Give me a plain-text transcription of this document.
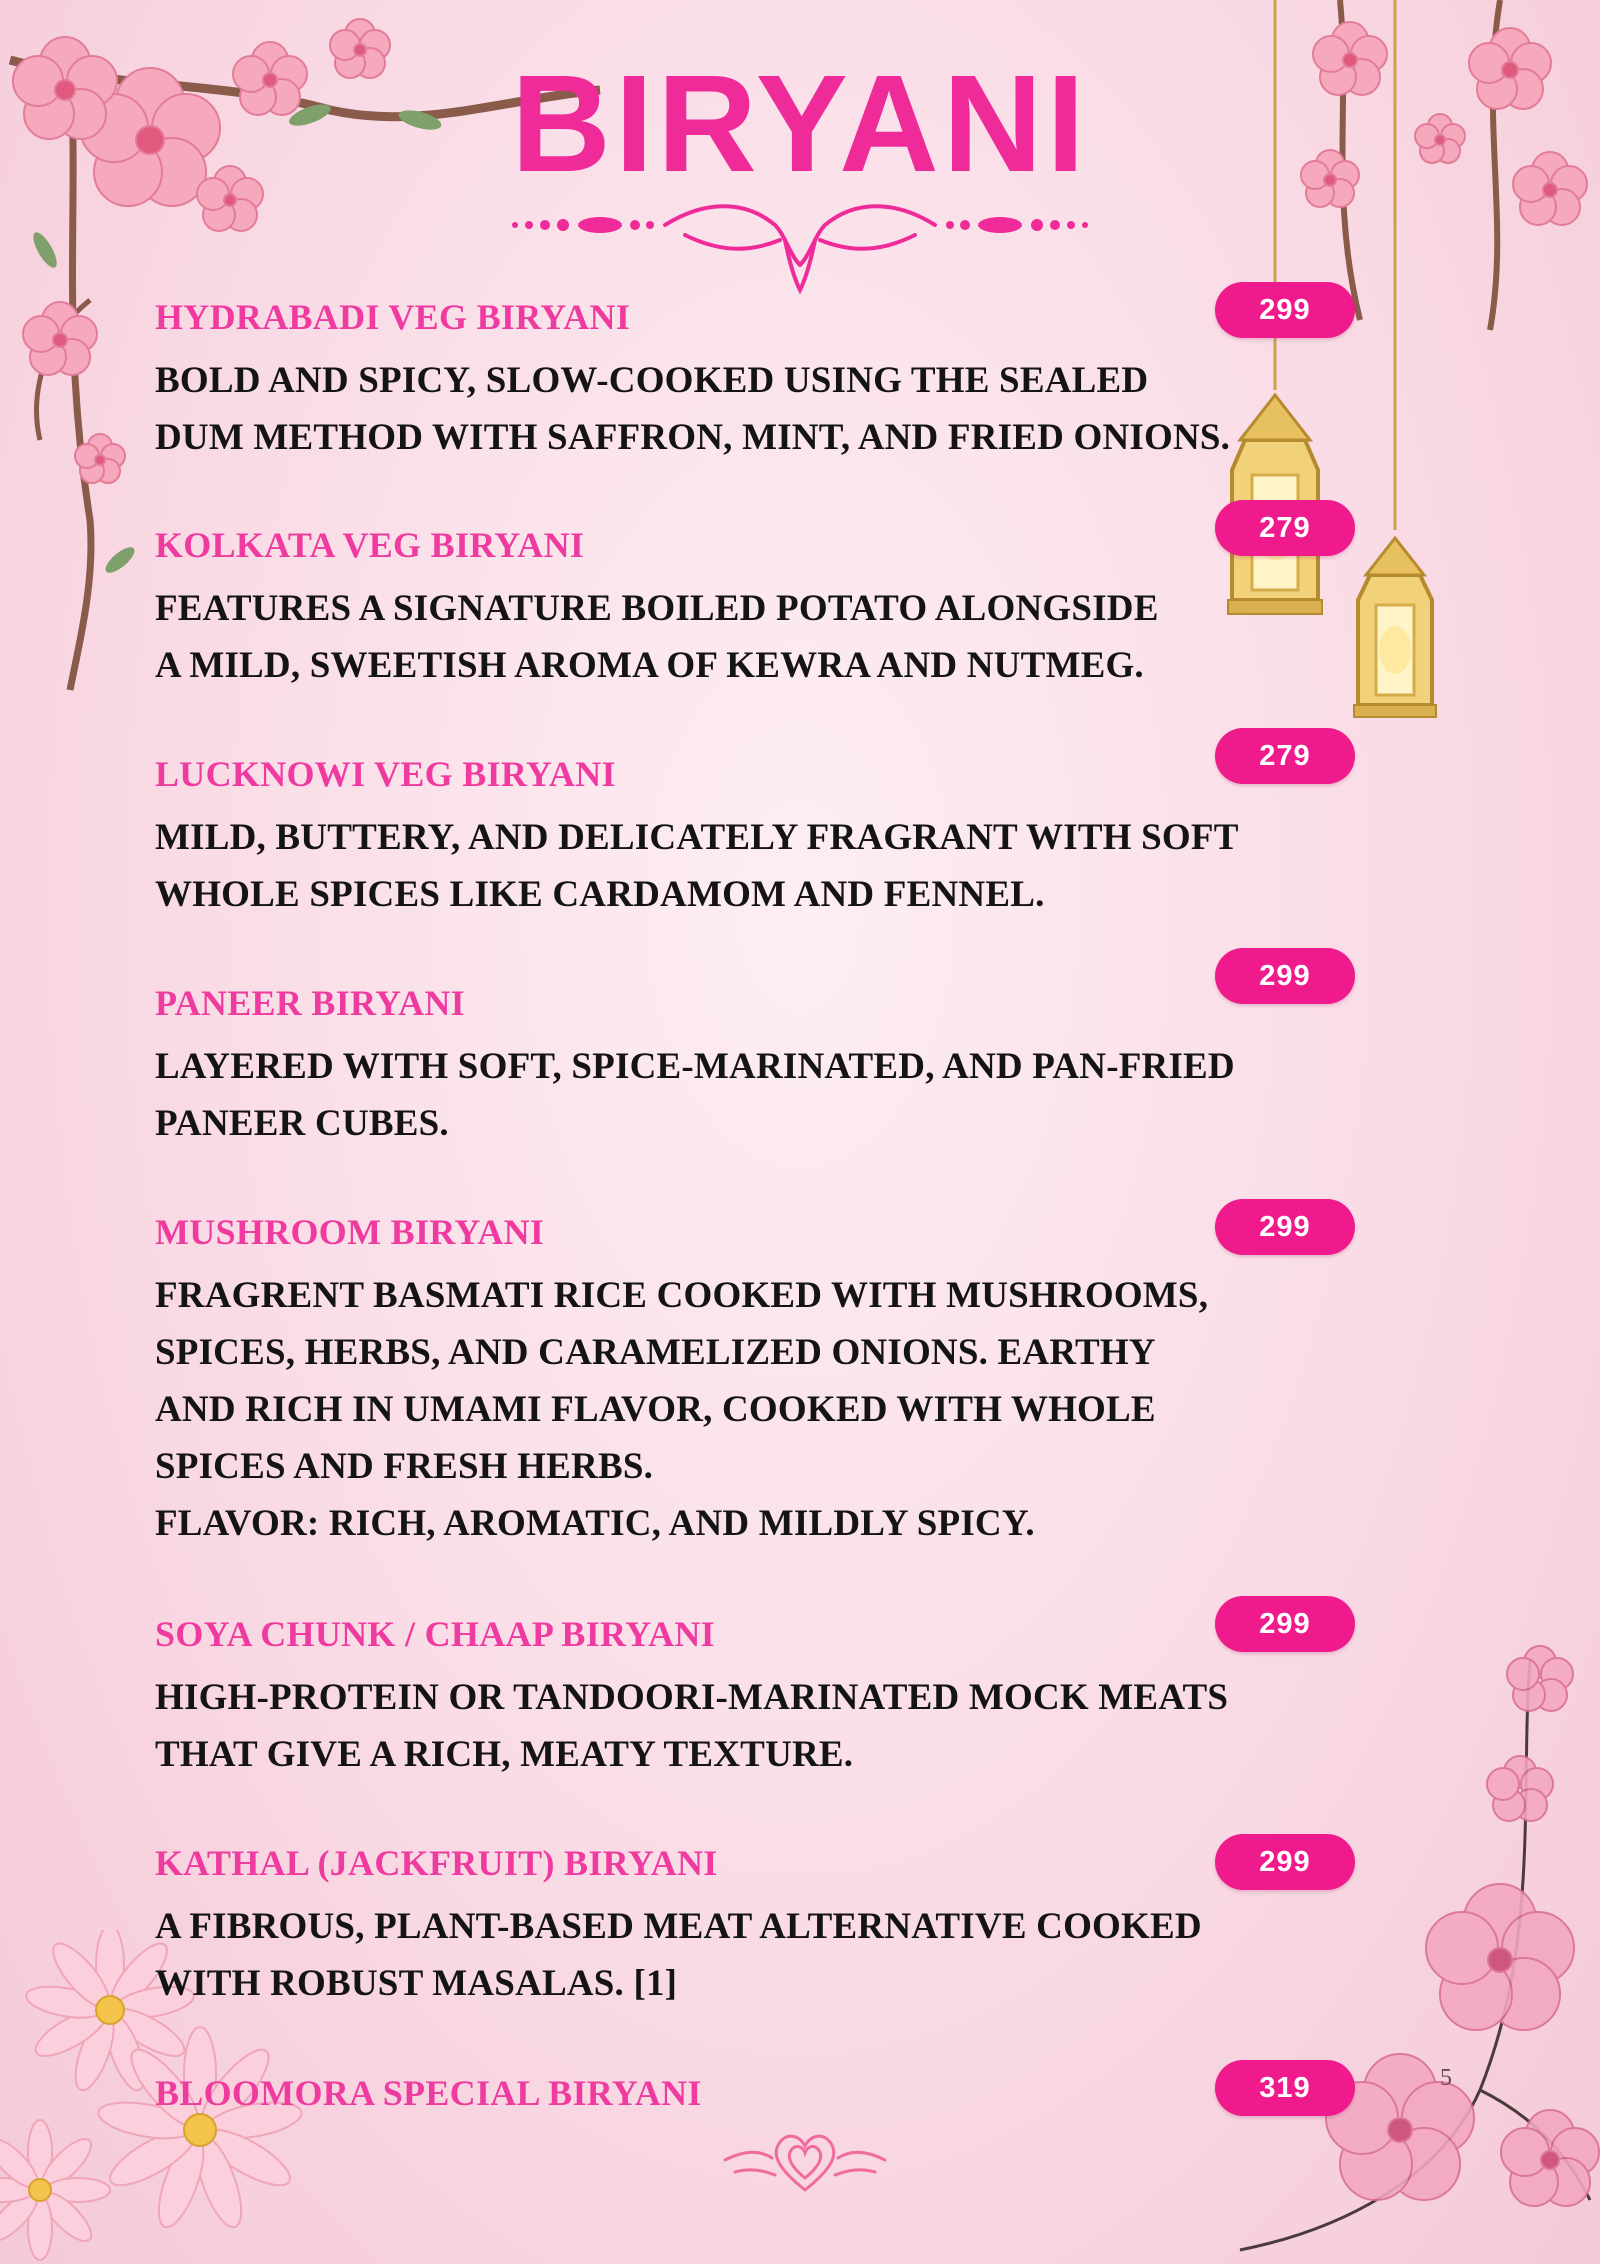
BIRYANI
HYDRABADI VEG BIRYANI
BOLD AND SPICY, SLOW-COOKED USING THE SEALED
DUM METHOD WITH SAFFRON, MINT, AND FRIED ONIONS.
299
KOLKATA VEG BIRYANI
FEATURES A SIGNATURE BOILED POTATO ALONGSIDE
A MILD, SWEETISH AROMA OF KEWRA AND NUTMEG.
279
LUCKNOWI VEG BIRYANI
MILD, BUTTERY, AND DELICATELY FRAGRANT WITH SOFT
WHOLE SPICES LIKE CARDAMOM AND FENNEL.
279
PANEER BIRYANI
LAYERED WITH SOFT, SPICE-MARINATED, AND PAN-FRIED
PANEER CUBES.
299
MUSHROOM BIRYANI
FRAGRENT BASMATI RICE COOKED WITH MUSHROOMS,
SPICES, HERBS, AND CARAMELIZED ONIONS. EARTHY
AND RICH IN UMAMI FLAVOR, COOKED WITH WHOLE
SPICES AND FRESH HERBS.
FLAVOR: RICH, AROMATIC, AND MILDLY SPICY.
299
SOYA CHUNK / CHAAP BIRYANI
HIGH-PROTEIN OR TANDOORI-MARINATED MOCK MEATS
THAT GIVE A RICH, MEATY TEXTURE.
299
KATHAL (JACKFRUIT) BIRYANI
A FIBROUS, PLANT-BASED MEAT ALTERNATIVE COOKED
WITH ROBUST MASALAS. [1]
299
BLOOMORA SPECIAL BIRYANI	319	5
